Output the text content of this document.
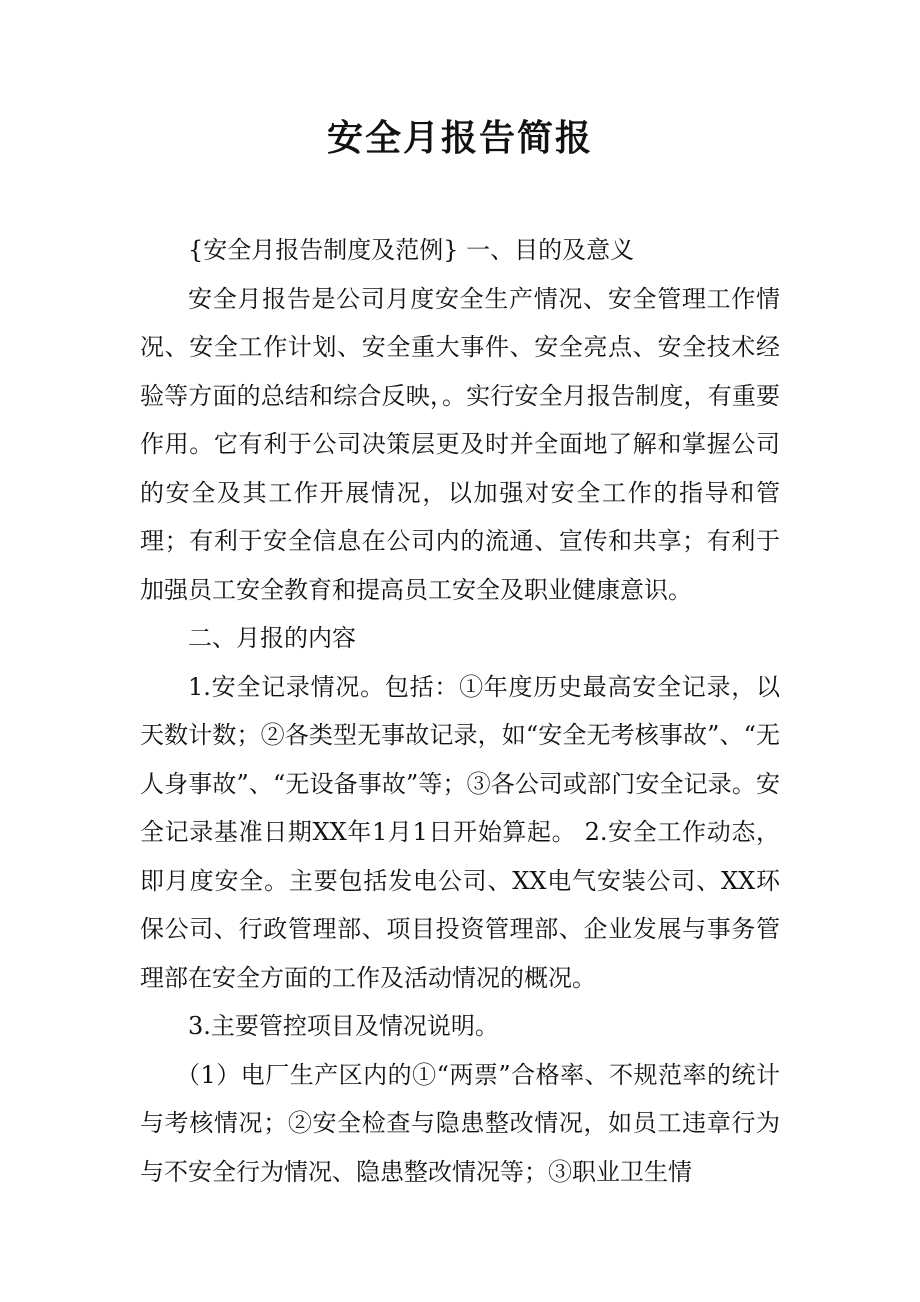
安全月报告简报

{安全月报告制度及范例} 一、目的及意义

安全月报告是公司月度安全生产情况、安全管理工作情况、安全工作计划、安全重大事件、安全亮点、安全技术经验等方面的总结和综合反映，。实行安全月报告制度，有重要作用。它有利于公司决策层更及时并全面地了解和掌握公司的安全及其工作开展情况，以加强对安全工作的指导和管理；有利于安全信息在公司内的流通、宣传和共享；有利于加强员工安全教育和提高员工安全及职业健康意识。

二、月报的内容

1.安全记录情况。包括：①年度历史最高安全记录，以天数计数；②各类型无事故记录，如“安全无考核事故”、“无人身事故”、“无设备事故”等；③各公司或部门安全记录。安全记录基准日期XX年1月1日开始算起。 2.安全工作动态，即月度安全。主要包括发电公司、XX电气安装公司、XX环保公司、行政管理部、项目投资管理部、企业发展与事务管理部在安全方面的工作及活动情况的概况。

3.主要管控项目及情况说明。

（1）电厂生产区内的①“两票”合格率、不规范率的统计与考核情况；②安全检查与隐患整改情况，如员工违章行为与不安全行为情况、隐患整改情况等；③职业卫生情
